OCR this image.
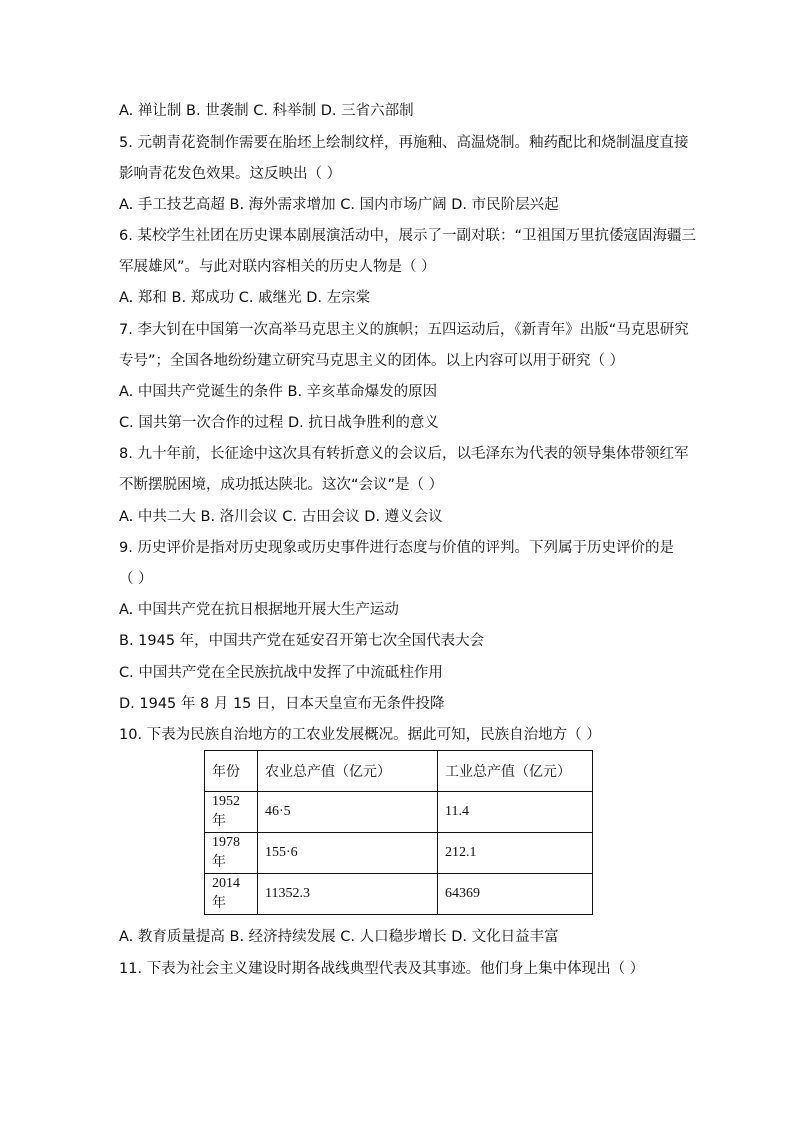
A. 禅让制 B. 世袭制 C. 科举制 D. 三省六部制

5. 元朝青花瓷制作需要在胎坯上绘制纹样，再施釉、高温烧制。釉药配比和烧制温度直接

影响青花发色效果。这反映出（ ）

A. 手工技艺高超 B. 海外需求增加 C. 国内市场广阔 D. 市民阶层兴起

6. 某校学生社团在历史课本剧展演活动中，展示了一副对联：“卫祖国万里抗倭寇固海疆三

军展雄风”。与此对联内容相关的历史人物是（ ）

A. 郑和 B. 郑成功 C. 戚继光 D. 左宗棠

7. 李大钊在中国第一次高举马克思主义的旗帜；五四运动后，《新青年》出版“马克思研究

专号”；全国各地纷纷建立研究马克思主义的团体。以上内容可以用于研究（ ）

A. 中国共产党诞生的条件 B. 辛亥革命爆发的原因

C. 国共第一次合作的过程 D. 抗日战争胜利的意义

8. 九十年前，长征途中这次具有转折意义的会议后，以毛泽东为代表的领导集体带领红军

不断摆脱困境，成功抵达陕北。这次“会议”是（ ）

A. 中共二大 B. 洛川会议 C. 古田会议 D. 遵义会议

9. 历史评价是指对历史现象或历史事件进行态度与价值的评判。下列属于历史评价的是

（ ）

A. 中国共产党在抗日根据地开展大生产运动

B. 1945 年，中国共产党在延安召开第七次全国代表大会

C. 中国共产党在全民族抗战中发挥了中流砥柱作用

D. 1945 年 8 月 15 日，日本天皇宣布无条件投降

10. 下表为民族自治地方的工农业发展概况。据此可知，民族自治地方（ ）

年份	农业总产值（亿元）	工业总产值（亿元）
1952 年	46·5	11.4
1978 年	155·6	212.1
2014 年	11352.3	64369

A. 教育质量提高 B. 经济持续发展 C. 人口稳步增长 D. 文化日益丰富

11. 下表为社会主义建设时期各战线典型代表及其事迹。他们身上集中体现出（ ）
